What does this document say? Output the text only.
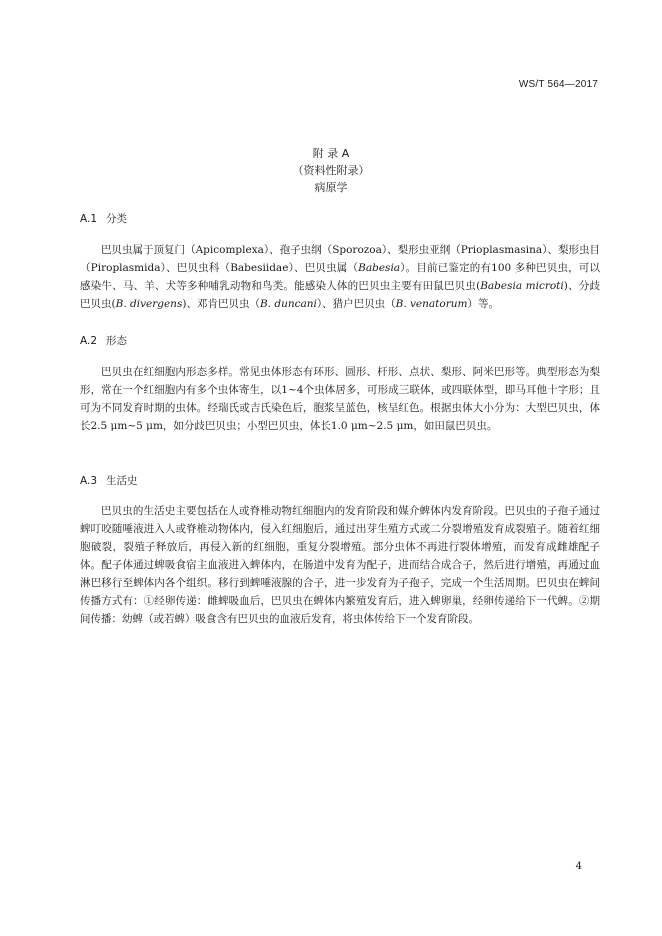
WS/T 564—2017
附 录 A
（资料性附录）
病原学
A.1 分类

巴贝虫属于顶复门（Apicomplexa）、孢子虫纲（Sporozoa）、梨形虫亚纲（Prioplasmasina）、梨形虫目（Piroplasmida）、巴贝虫科（Babesiidae）、巴贝虫属（Babesia）。目前已鉴定的有100 多种巴贝虫，可以感染牛、马、羊、犬等多种哺乳动物和鸟类。能感染人体的巴贝虫主要有田鼠巴贝虫(Babesia microti)、分歧巴贝虫(B. divergens)、邓肯巴贝虫（B. duncani）、猎户巴贝虫（B. venatorum）等。

A.2 形态

巴贝虫在红细胞内形态多样。常见虫体形态有环形、圆形、杆形、点状、梨形、阿米巴形等。典型形态为梨形，常在一个红细胞内有多个虫体寄生，以1~4个虫体居多，可形成三联体，或四联体型，即马耳他十字形；且可为不同发育时期的虫体。经瑞氏或吉氏染色后，胞浆呈蓝色，核呈红色。根据虫体大小分为：大型巴贝虫，体长2.5 μm~5 μm，如分歧巴贝虫；小型巴贝虫，体长1.0 μm~2.5 μm，如田鼠巴贝虫。

A.3 生活史

巴贝虫的生活史主要包括在人或脊椎动物红细胞内的发育阶段和媒介蜱体内发育阶段。巴贝虫的子孢子通过蜱叮咬随唾液进入人或脊椎动物体内，侵入红细胞后，通过出芽生殖方式或二分裂增殖发育成裂殖子。随着红细胞破裂，裂殖子释放后，再侵入新的红细胞，重复分裂增殖。部分虫体不再进行裂体增殖，而发育成雌雄配子体。配子体通过蜱吸食宿主血液进入蜱体内，在肠道中发育为配子，进而结合成合子，然后进行增殖，再通过血淋巴移行至蜱体内各个组织。移行到蜱唾液腺的合子，进一步发育为子孢子，完成一个生活周期。巴贝虫在蜱间传播方式有：①经卵传递：雌蜱吸血后，巴贝虫在蜱体内繁殖发育后，进入蜱卵巢，经卵传递给下一代蜱。②期间传播：幼蜱（或若蜱）吸食含有巴贝虫的血液后发育，将虫体传给下一个发育阶段。

4
